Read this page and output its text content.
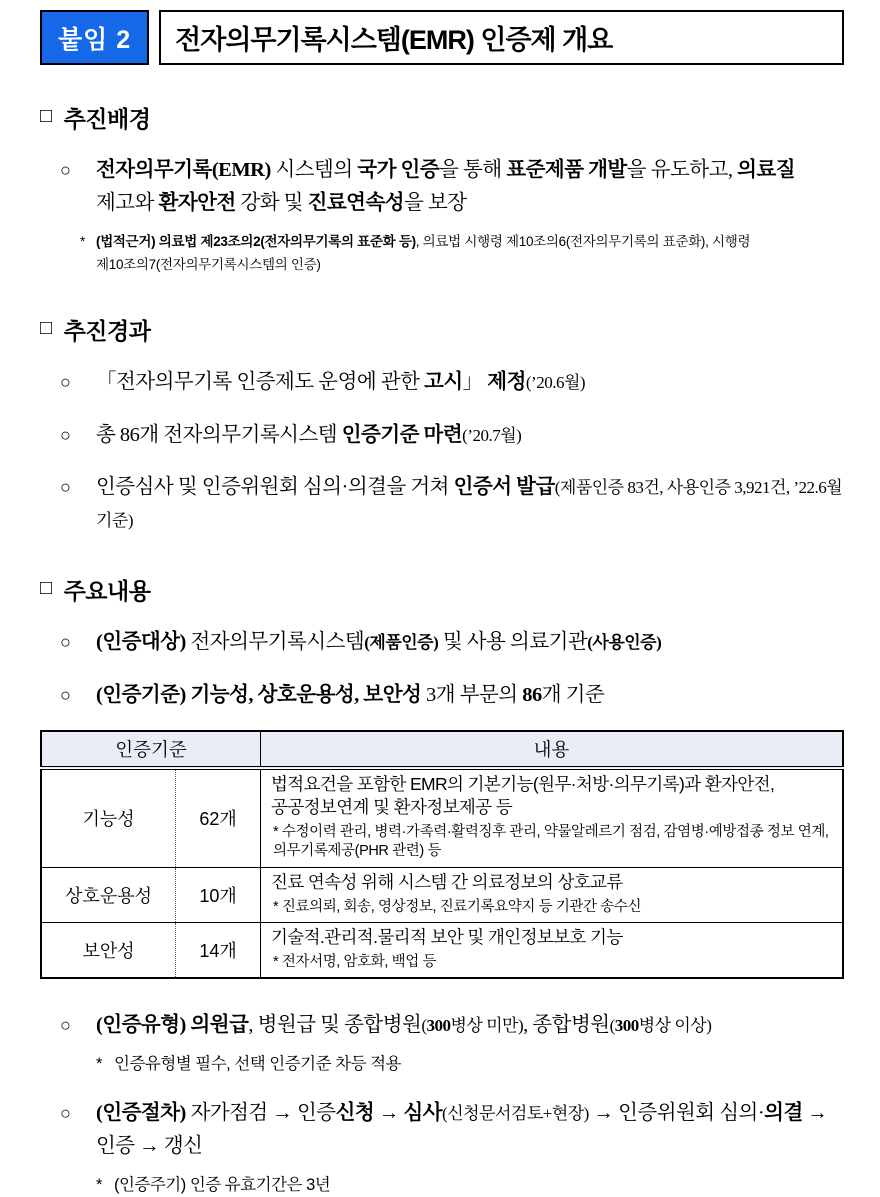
붙임 2	전자의무기록시스템(EMR) 인증제 개요
□ 추진배경
○	전자의무기록(EMR) 시스템의 국가 인증을 통해 표준제품 개발을 유도하고, 의료질 제고와 환자안전 강화 및 진료연속성을 보장
* (법적근거) 의료법 제23조의2(전자의무기록의 표준화 등), 의료법 시행령 제10조의6(전자의무기록의 표준화), 시행령 제10조의7(전자의무기록시스템의 인증)
□ 추진경과
○	「전자의무기록 인증제도 운영에 관한 고시」 제정(’20.6월)
○	총 86개 전자의무기록시스템 인증기준 마련(’20.7월)
○	인증심사 및 인증위원회 심의·의결을 거쳐 인증서 발급(제품인증 83건, 사용인증 3,921건, ’22.6월 기준)
□ 주요내용
○	(인증대상) 전자의무기록시스템(제품인증) 및 사용 의료기관(사용인증)
○	(인증기준) 기능성, 상호운용성, 보안성 3개 부문의 86개 기준
인증기준		내용
기능성	62개	법적요건을 포함한 EMR의 기본기능(원무·처방·의무기록)과 환자안전, 공공정보연계 및 환자정보제공 등
* 수정이력 관리, 병력·가족력·활력징후 관리, 약물알레르기 점검, 감염병·예방접종 정보 연계, 의무기록제공(PHR 관련) 등

상호운용성	10개	진료 연속성 위해 시스템 간 의료정보의 상호교류
* 진료의뢰, 회송, 영상정보, 진료기록요약지 등 기관간 송수신

보안성	14개	기술적.관리적.물리적 보안 및 개인정보보호 기능
* 전자서명, 암호화, 백업 등
○	(인증유형) 의원급, 병원급 및 종합병원(300병상 미만), 종합병원(300병상 이상)
* 인증유형별 필수, 선택 인증기준 차등 적용
○	(인증절차) 자가점검 → 인증신청 → 심사(신청문서검토+현장) → 인증위원회 심의·의결 → 인증 → 갱신
* (인증주기) 인증 유효기간은 3년
